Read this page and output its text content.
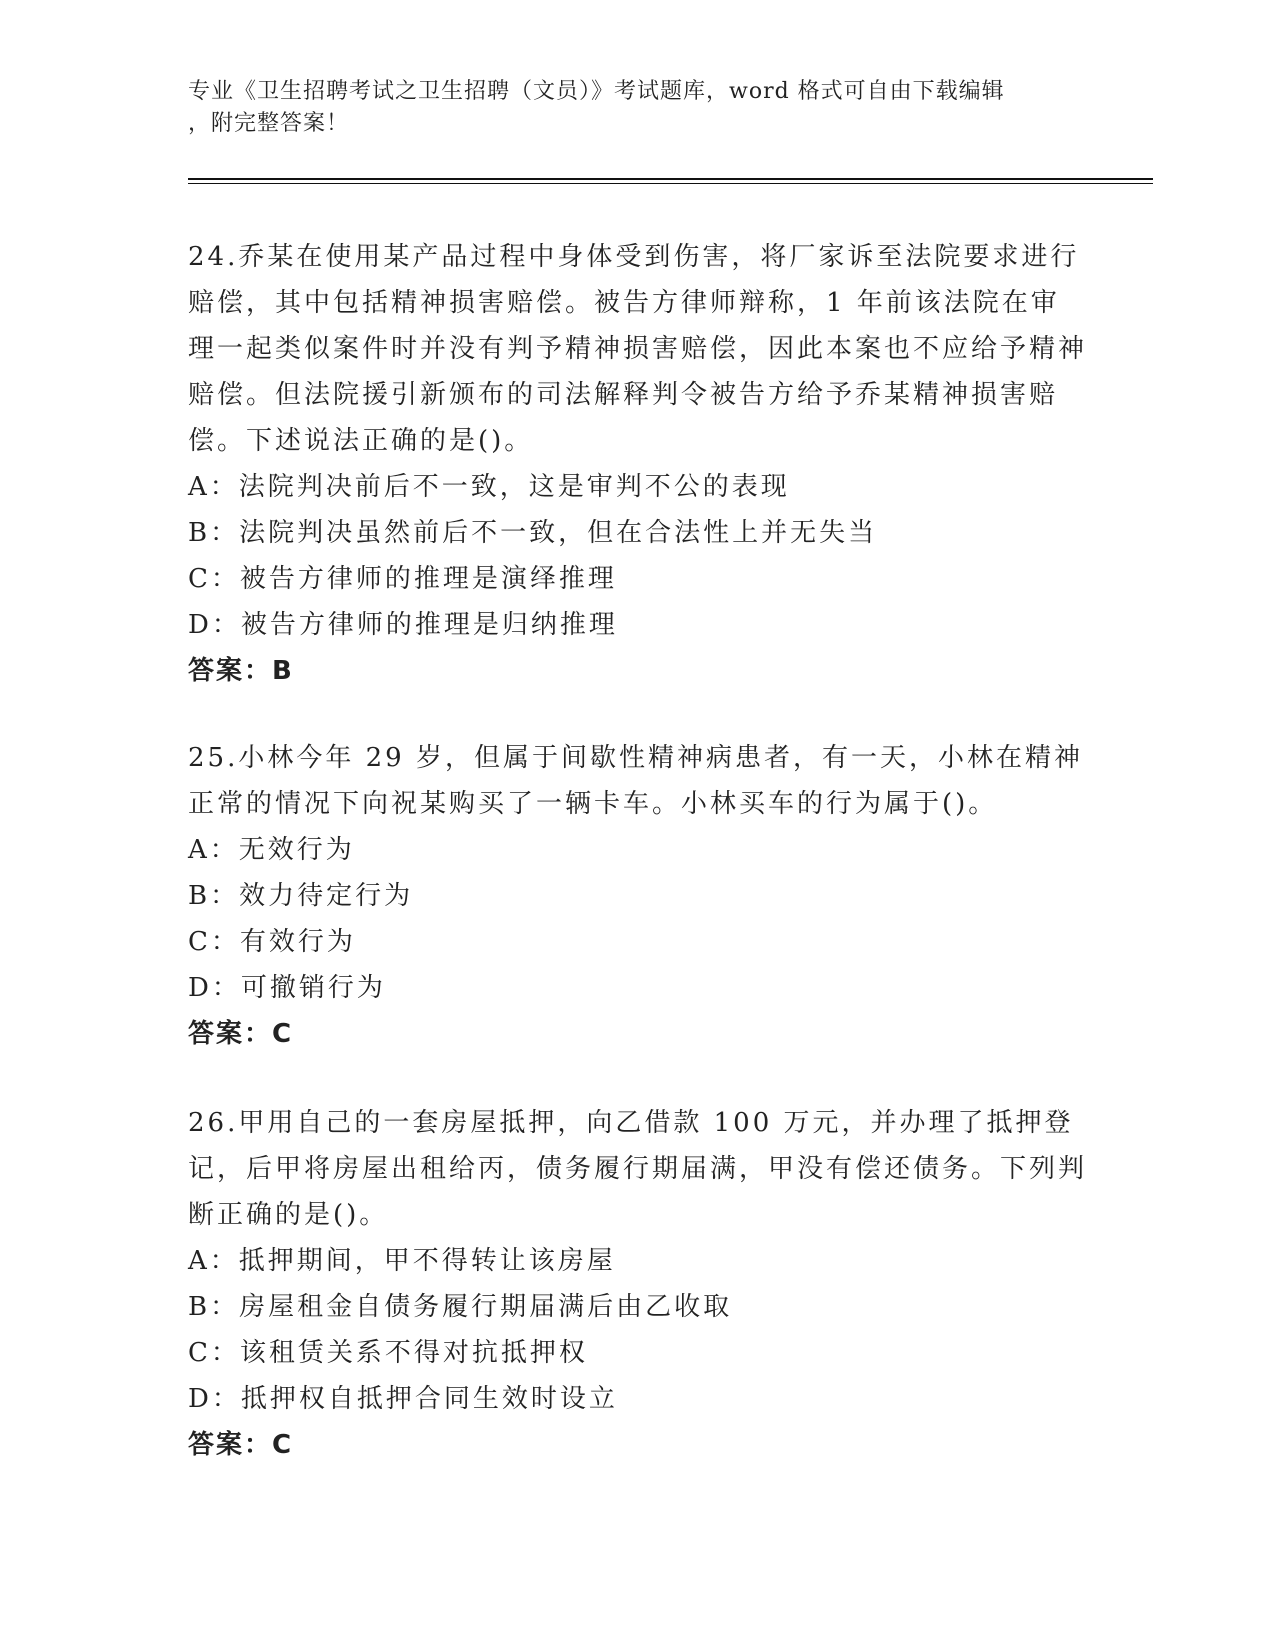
专业《卫生招聘考试之卫生招聘（文员）》考试题库，word 格式可自由下载编辑
，附完整答案！

24.乔某在使用某产品过程中身体受到伤害，将厂家诉至法院要求进行赔偿，其中包括精神损害赔偿。被告方律师辩称，1 年前该法院在审理一起类似案件时并没有判予精神损害赔偿，因此本案也不应给予精神赔偿。但法院援引新颁布的司法解释判令被告方给予乔某精神损害赔偿。下述说法正确的是()。

A：法院判决前后不一致，这是审判不公的表现

B：法院判决虽然前后不一致，但在合法性上并无失当

C：被告方律师的推理是演绎推理

D：被告方律师的推理是归纳推理

答案：B

25.小林今年 29 岁，但属于间歇性精神病患者，有一天，小林在精神正常的情况下向祝某购买了一辆卡车。小林买车的行为属于()。

A：无效行为

B：效力待定行为

C：有效行为

D：可撤销行为

答案：C

26.甲用自己的一套房屋抵押，向乙借款 100 万元，并办理了抵押登记，后甲将房屋出租给丙，债务履行期届满，甲没有偿还债务。下列判断正确的是()。

A：抵押期间，甲不得转让该房屋

B：房屋租金自债务履行期届满后由乙收取

C：该租赁关系不得对抗抵押权

D：抵押权自抵押合同生效时设立

答案：C
